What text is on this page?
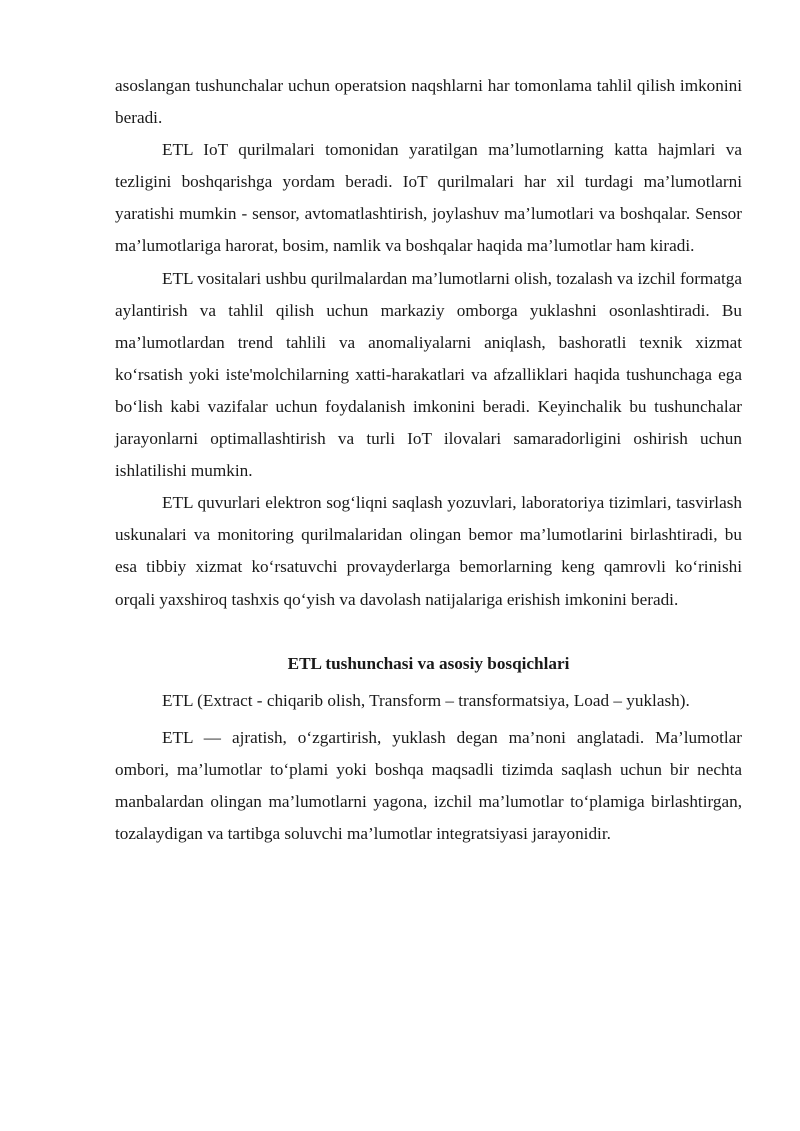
asoslangan tushunchalar uchun operatsion naqshlarni har tomonlama tahlil qilish imkonini beradi.

ETL IoT qurilmalari tomonidan yaratilgan ma’lumotlarning katta hajmlari va tezligini boshqarishga yordam beradi. IoT qurilmalari har xil turdagi ma’lumotlarni yaratishi mumkin - sensor, avtomatlashtirish, joylashuv ma’lumotlari va boshqalar. Sensor ma’lumotlariga harorat, bosim, namlik va boshqalar haqida ma’lumotlar ham kiradi.

ETL vositalari ushbu qurilmalardan ma’lumotlarni olish, tozalash va izchil formatga aylantirish va tahlil qilish uchun markaziy omborga yuklashni osonlashtiradi. Bu ma’lumotlardan trend tahlili va anomaliyalarni aniqlash, bashoratli texnik xizmat koʻrsatish yoki iste'molchilarning xatti-harakatlari va afzalliklari haqida tushunchaga ega boʻlish kabi vazifalar uchun foydalanish imkonini beradi. Keyinchalik bu tushunchalar jarayonlarni optimallashtirish va turli IoT ilovalari samaradorligini oshirish uchun ishlatilishi mumkin.

ETL quvurlari elektron sogʻliqni saqlash yozuvlari, laboratoriya tizimlari, tasvirlash uskunalari va monitoring qurilmalaridan olingan bemor ma’lumotlarini birlashtiradi, bu esa tibbiy xizmat koʻrsatuvchi provayderlarga bemorlarning keng qamrovli koʻrinishi orqali yaxshiroq tashxis qoʻyish va davolash natijalariga erishish imkonini beradi.

ETL tushunchasi va asosiy bosqichlari

ETL (Extract - chiqarib olish, Transform – transformatsiya, Load – yuklash).

ETL — ajratish, oʻzgartirish, yuklash degan ma’noni anglatadi. Ma’lumotlar ombori, ma’lumotlar toʻplami yoki boshqa maqsadli tizimda saqlash uchun bir nechta manbalardan olingan ma’lumotlarni yagona, izchil ma’lumotlar toʻplamiga birlashtirgan, tozalaydigan va tartibga soluvchi ma’lumotlar integratsiyasi jarayonidir.
